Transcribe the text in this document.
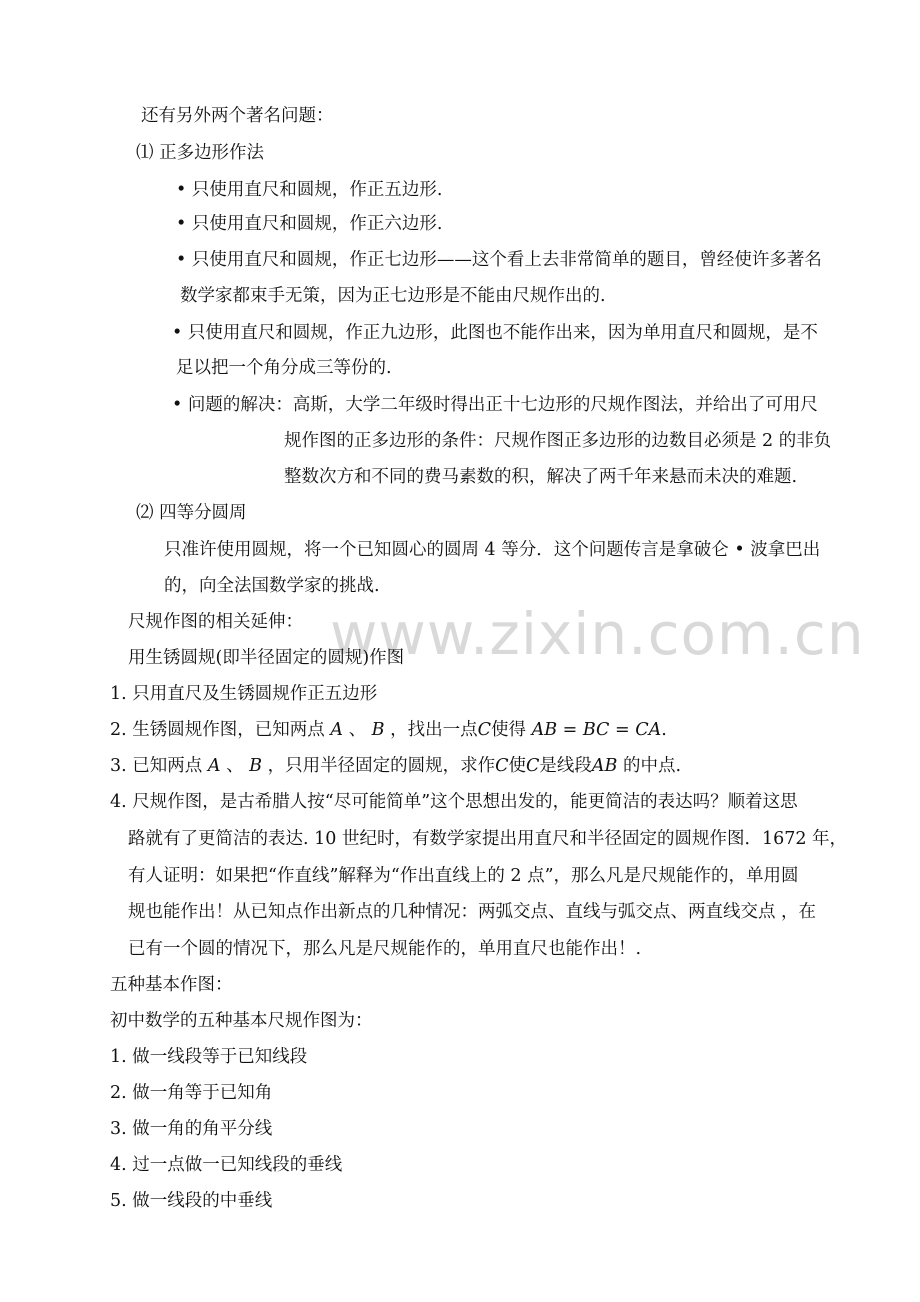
www.zixin.com.cn
还有另外两个著名问题：
⑴ 正多边形作法
• 只使用直尺和圆规，作正五边形.
• 只使用直尺和圆规，作正六边形.
• 只使用直尺和圆规，作正七边形——这个看上去非常简单的题目，曾经使许多著名
数学家都束手无策，因为正七边形是不能由尺规作出的.
• 只使用直尺和圆规，作正九边形，此图也不能作出来，因为单用直尺和圆规，是不
足以把一个角分成三等份的.
• 问题的解决：高斯，大学二年级时得出正十七边形的尺规作图法，并给出了可用尺
规作图的正多边形的条件：尺规作图正多边形的边数目必须是 2 的非负
整数次方和不同的费马素数的积，解决了两千年来悬而未决的难题.
⑵ 四等分圆周
只准许使用圆规，将一个已知圆心的圆周 4 等分．这个问题传言是拿破仑 • 波拿巴出
的，向全法国数学家的挑战.
尺规作图的相关延伸：
用生锈圆规(即半径固定的圆规)作图
1. 只用直尺及生锈圆规作正五边形
2. 生锈圆规作图，已知两点 A 、 B ，找出一点C使得 AB = BC = CA.
3. 已知两点 A 、 B ，只用半径固定的圆规，求作C使C是线段AB 的中点.
4. 尺规作图，是古希腊人按“尽可能简单”这个思想出发的，能更简洁的表达吗？顺着这思
路就有了更简洁的表达. 10 世纪时，有数学家提出用直尺和半径固定的圆规作图．1672 年，
有人证明：如果把“作直线”解释为“作出直线上的 2 点”，那么凡是尺规能作的，单用圆
规也能作出！从已知点作出新点的几种情况：两弧交点、直线与弧交点、两直线交点 ，在
已有一个圆的情况下，那么凡是尺规能作的，单用直尺也能作出！.
五种基本作图：
初中数学的五种基本尺规作图为：
1. 做一线段等于已知线段
2. 做一角等于已知角
3. 做一角的角平分线
4. 过一点做一已知线段的垂线
5. 做一线段的中垂线
